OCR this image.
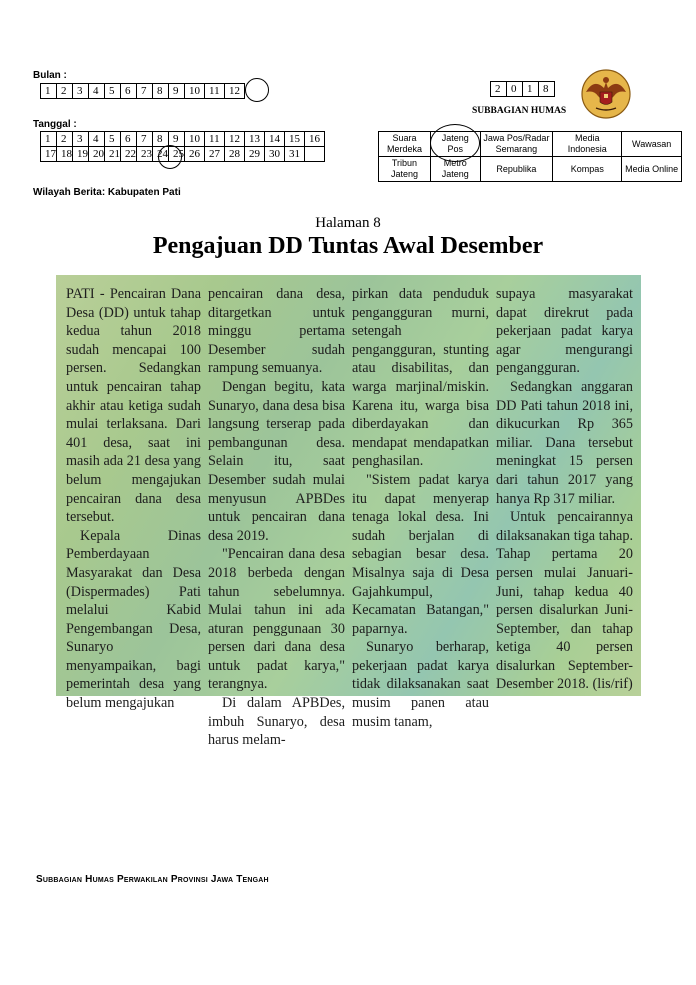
Bulan :
1	2	3	4	5	6	7	8	9	10	11	12
Tanggal :
1	2	3	4	5	6	7	8	9	10	11	12	13	14	15	16
17	18	19	20	21	22	23	24	25	26	27	28	29	30	31	
Wilayah Berita: Kabupaten Pati
2	0	1	8
SUBBAGIAN HUMAS
Suara Merdeka	Jateng Pos	Jawa Pos/Radar Semarang	Media Indonesia	Wawasan
Tribun Jateng	Metro Jateng	Republika	Kompas	Media Online
Halaman 8
Pengajuan DD Tuntas Awal Desember

PATI - Pencairan Dana Desa (DD) untuk tahap kedua tahun 2018 sudah mencapai 100 persen. Sedangkan untuk pencairan tahap akhir atau ketiga sudah mulai terlaksana. Dari 401 desa, saat ini masih ada 21 desa yang belum mengajukan pencairan dana desa tersebut.

Kepala Dinas Pemberdayaan Masyarakat dan Desa (Dispermades) Pati melalui Kabid Pengembangan Desa, Sunaryo menyampaikan, bagi pemerintah desa yang belum mengajukan

pencairan dana desa, ditargetkan untuk minggu pertama Desember sudah rampung semuanya.

Dengan begitu, kata Sunaryo, dana desa bisa langsung terserap pada pembangunan desa. Selain itu, saat Desember sudah mulai menyusun APBDes untuk pencairan dana desa 2019.

"Pencairan dana desa 2018 berbeda dengan tahun sebelumnya. Mulai tahun ini ada aturan penggunaan 30 persen dari dana desa untuk padat karya," terangnya.

Di dalam APBDes, imbuh Sunaryo, desa harus melam-

pirkan data penduduk pengangguran murni, setengah pengangguran, stunting atau disabilitas, dan warga marjinal/miskin. Karena itu, warga bisa diberdayakan dan mendapat mendapatkan penghasilan.

"Sistem padat karya itu dapat menyerap tenaga lokal desa. Ini sudah berjalan di sebagian besar desa. Misalnya saja di Desa Gajahkumpul, Kecamatan Batangan," paparnya.

Sunaryo berharap, pekerjaan padat karya tidak dilaksanakan saat musim panen atau musim tanam,

supaya masyarakat dapat direkrut pada pekerjaan padat karya agar mengurangi pengangguran.

Sedangkan anggaran DD Pati tahun 2018 ini, dikucurkan Rp 365 miliar. Dana tersebut meningkat 15 persen dari tahun 2017 yang hanya Rp 317 miliar.

Untuk pencairannya dilaksanakan tiga tahap. Tahap pertama 20 persen mulai Januari-Juni, tahap kedua 40 persen disalurkan Juni-September, dan tahap ketiga 40 persen disalurkan September-Desember 2018. (lis/rif)

Subbagian Humas Perwakilan Provinsi Jawa Tengah
